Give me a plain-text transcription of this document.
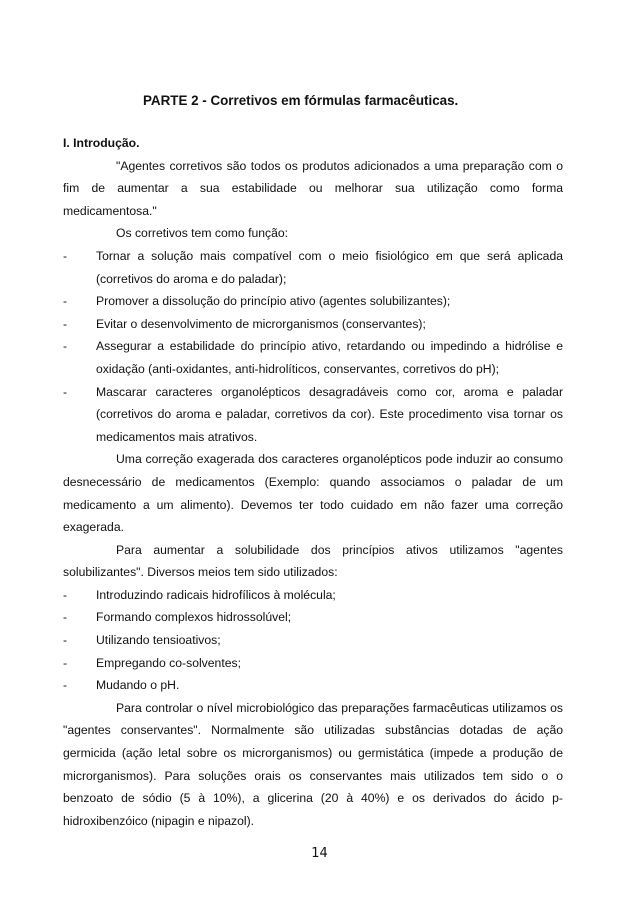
PARTE 2 - Corretivos em fórmulas farmacêuticas.

I. Introdução.

"Agentes corretivos são todos os produtos adicionados a uma preparação com o fim de aumentar a sua estabilidade ou melhorar sua utilização como forma medicamentosa."

Os corretivos tem como função:

- Tornar a solução mais compatível com o meio fisiológico em que será aplicada (corretivos do aroma e do paladar);
- Promover a dissolução do princípio ativo (agentes solubilizantes);
- Evitar o desenvolvimento de microrganismos (conservantes);
- Assegurar a estabilidade do princípio ativo, retardando ou impedindo a hidrólise e oxidação (anti-oxidantes, anti-hidrolíticos, conservantes, corretivos do pH);
- Mascarar caracteres organolépticos desagradáveis como cor, aroma e paladar (corretivos do aroma e paladar, corretivos da cor). Este procedimento visa tornar os medicamentos mais atrativos.

Uma correção exagerada dos caracteres organolépticos pode induzir ao consumo desnecessário de medicamentos (Exemplo: quando associamos o paladar de um medicamento a um alimento). Devemos ter todo cuidado em não fazer uma correção exagerada.

Para aumentar a solubilidade dos princípios ativos utilizamos "agentes solubilizantes". Diversos meios tem sido utilizados:

- Introduzindo radicais hidrofílicos à molécula;
- Formando complexos hidrossolúvel;
- Utilizando tensioativos;
- Empregando co-solventes;
- Mudando o pH.

Para controlar o nível microbiológico das preparações farmacêuticas utilizamos os "agentes conservantes". Normalmente são utilizadas substâncias dotadas de ação germicida (ação letal sobre os microrganismos) ou germistática (impede a produção de microrganismos). Para soluções orais os conservantes mais utilizados tem sido o o benzoato de sódio (5 à 10%), a glicerina (20 à 40%) e os derivados do ácido p-hidroxibenzóico (nipagin e nipazol).

14
